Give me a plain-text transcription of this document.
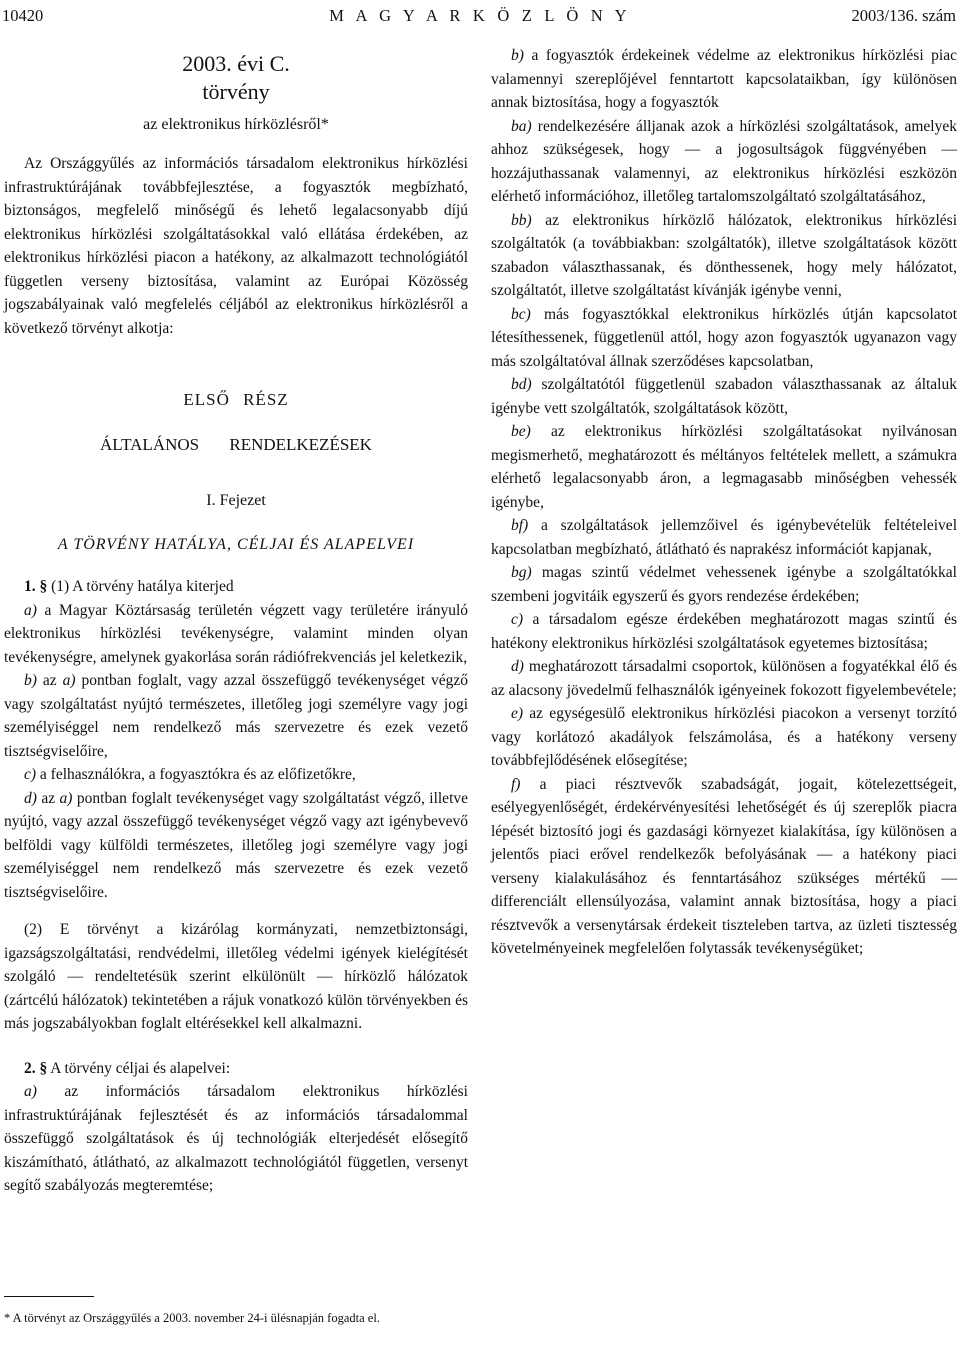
10420	M A G Y A R K Ö Z L Ö N Y	2003/136. szám
2003. évi C.
törvény
az elektronikus hírközlésről*

Az Országgyűlés az információs társadalom elektronikus hírközlési infrastruktúrájának továbbfejlesztése, a fogyasztók megbízható, biztonságos, megfelelő minőségű és lehető legalacsonyabb díjú elektronikus hírközlési szolgáltatásokkal való ellátása érdekében, az elektronikus hírközlési piacon a hatékony, az alkalmazott technológiától független verseny biztosítása, valamint az Európai Közösség jogszabályainak való megfelelés céljából az elektronikus hírközlésről a következő törvényt alkotja:

ELSŐ RÉSZ
ÁLTALÁNOS RENDELKEZÉSEK
I. Fejezet
A TÖRVÉNY HATÁLYA, CÉLJAI ÉS ALAPELVEI

1. § (1) A törvény hatálya kiterjed

a) a Magyar Köztársaság területén végzett vagy területére irányuló elektronikus hírközlési tevékenységre, valamint minden olyan tevékenységre, amelynek gyakorlása során rádiófrekvenciás jel keletkezik,

b) az a) pontban foglalt, vagy azzal összefüggő tevékenységet végző vagy szolgáltatást nyújtó természetes, illetőleg jogi személyre vagy jogi személyiséggel nem rendelkező más szervezetre és ezek vezető tisztségviselőire,

c) a felhasználókra, a fogyasztókra és az előfizetőkre,

d) az a) pontban foglalt tevékenységet vagy szolgáltatást végző, illetve nyújtó, vagy azzal összefüggő tevékenységet végző vagy azt igénybevevő belföldi vagy külföldi természetes, illetőleg jogi személyre vagy jogi személyiséggel nem rendelkező más szervezetre és ezek vezető tisztségviselőire.

(2) E törvényt a kizárólag kormányzati, nemzetbiztonsági, igazságszolgáltatási, rendvédelmi, illetőleg védelmi igények kielégítését szolgáló — rendeltetésük szerint elkülönült — hírközlő hálózatok (zártcélú hálózatok) tekintetében a rájuk vonatkozó külön törvényekben és más jogszabályokban foglalt eltérésekkel kell alkalmazni.

2. § A törvény céljai és alapelvei:

a) az információs társadalom elektronikus hírközlési infrastruktúrájának fejlesztését és az információs társadalommal összefüggő szolgáltatások és új technológiák elterjedését elősegítő kiszámítható, átlátható, az alkalmazott technológiától független, versenyt segítő szabályozás megteremtése;

b) a fogyasztók érdekeinek védelme az elektronikus hírközlési piac valamennyi szereplőjével fenntartott kapcsolataikban, így különösen annak biztosítása, hogy a fogyasztók

ba) rendelkezésére álljanak azok a hírközlési szolgáltatások, amelyek ahhoz szükségesek, hogy — a jogosultságok függvényében — hozzájuthassanak valamennyi, az elektronikus hírközlési eszközön elérhető információhoz, illetőleg tartalomszolgáltató szolgáltatásához,

bb) az elektronikus hírközlő hálózatok, elektronikus hírközlési szolgáltatók (a továbbiakban: szolgáltatók), illetve szolgáltatások között szabadon választhassanak, és dönthessenek, hogy mely hálózatot, szolgáltatót, illetve szolgáltatást kívánják igénybe venni,

bc) más fogyasztókkal elektronikus hírközlés útján kapcsolatot létesíthessenek, függetlenül attól, hogy azon fogyasztók ugyanazon vagy más szolgáltatóval állnak szerződéses kapcsolatban,

bd) szolgáltatótól függetlenül szabadon választhassanak az általuk igénybe vett szolgáltatók, szolgáltatások között,

be) az elektronikus hírközlési szolgáltatásokat nyilvánosan megismerhető, meghatározott és méltányos feltételek mellett, a számukra elérhető legalacsonyabb áron, a legmagasabb minőségben vehessék igénybe,

bf) a szolgáltatások jellemzőivel és igénybevételük feltételeivel kapcsolatban megbízható, átlátható és naprakész információt kapjanak,

bg) magas szintű védelmet vehessenek igénybe a szolgáltatókkal szembeni jogvitáik egyszerű és gyors rendezése érdekében;

c) a társadalom egésze érdekében meghatározott magas szintű és hatékony elektronikus hírközlési szolgáltatások egyetemes biztosítása;

d) meghatározott társadalmi csoportok, különösen a fogyatékkal élő és az alacsony jövedelmű felhasználók igényeinek fokozott figyelembevétele;

e) az egységesülő elektronikus hírközlési piacokon a versenyt torzító vagy korlátozó akadályok felszámolása, és a hatékony verseny továbbfejlődésének elősegítése;

f) a piaci résztvevők szabadságát, jogait, kötelezettségeit, esélyegyenlőségét, érdekérvényesítési lehetőségét és új szereplők piacra lépését biztosító jogi és gazdasági környezet kialakítása, így különösen a jelentős piaci erővel rendelkezők befolyásának — a hatékony piaci verseny kialakulásához és fenntartásához szükséges mértékű — differenciált ellensúlyozása, valamint annak biztosítása, hogy a piaci résztvevők a versenytársak érdekeit tiszteleben tartva, az üzleti tisztesség követelményeinek megfelelően folytassák tevékenységüket;

* A törvényt az Országgyűlés a 2003. november 24-i ülésnapján fogadta el.
